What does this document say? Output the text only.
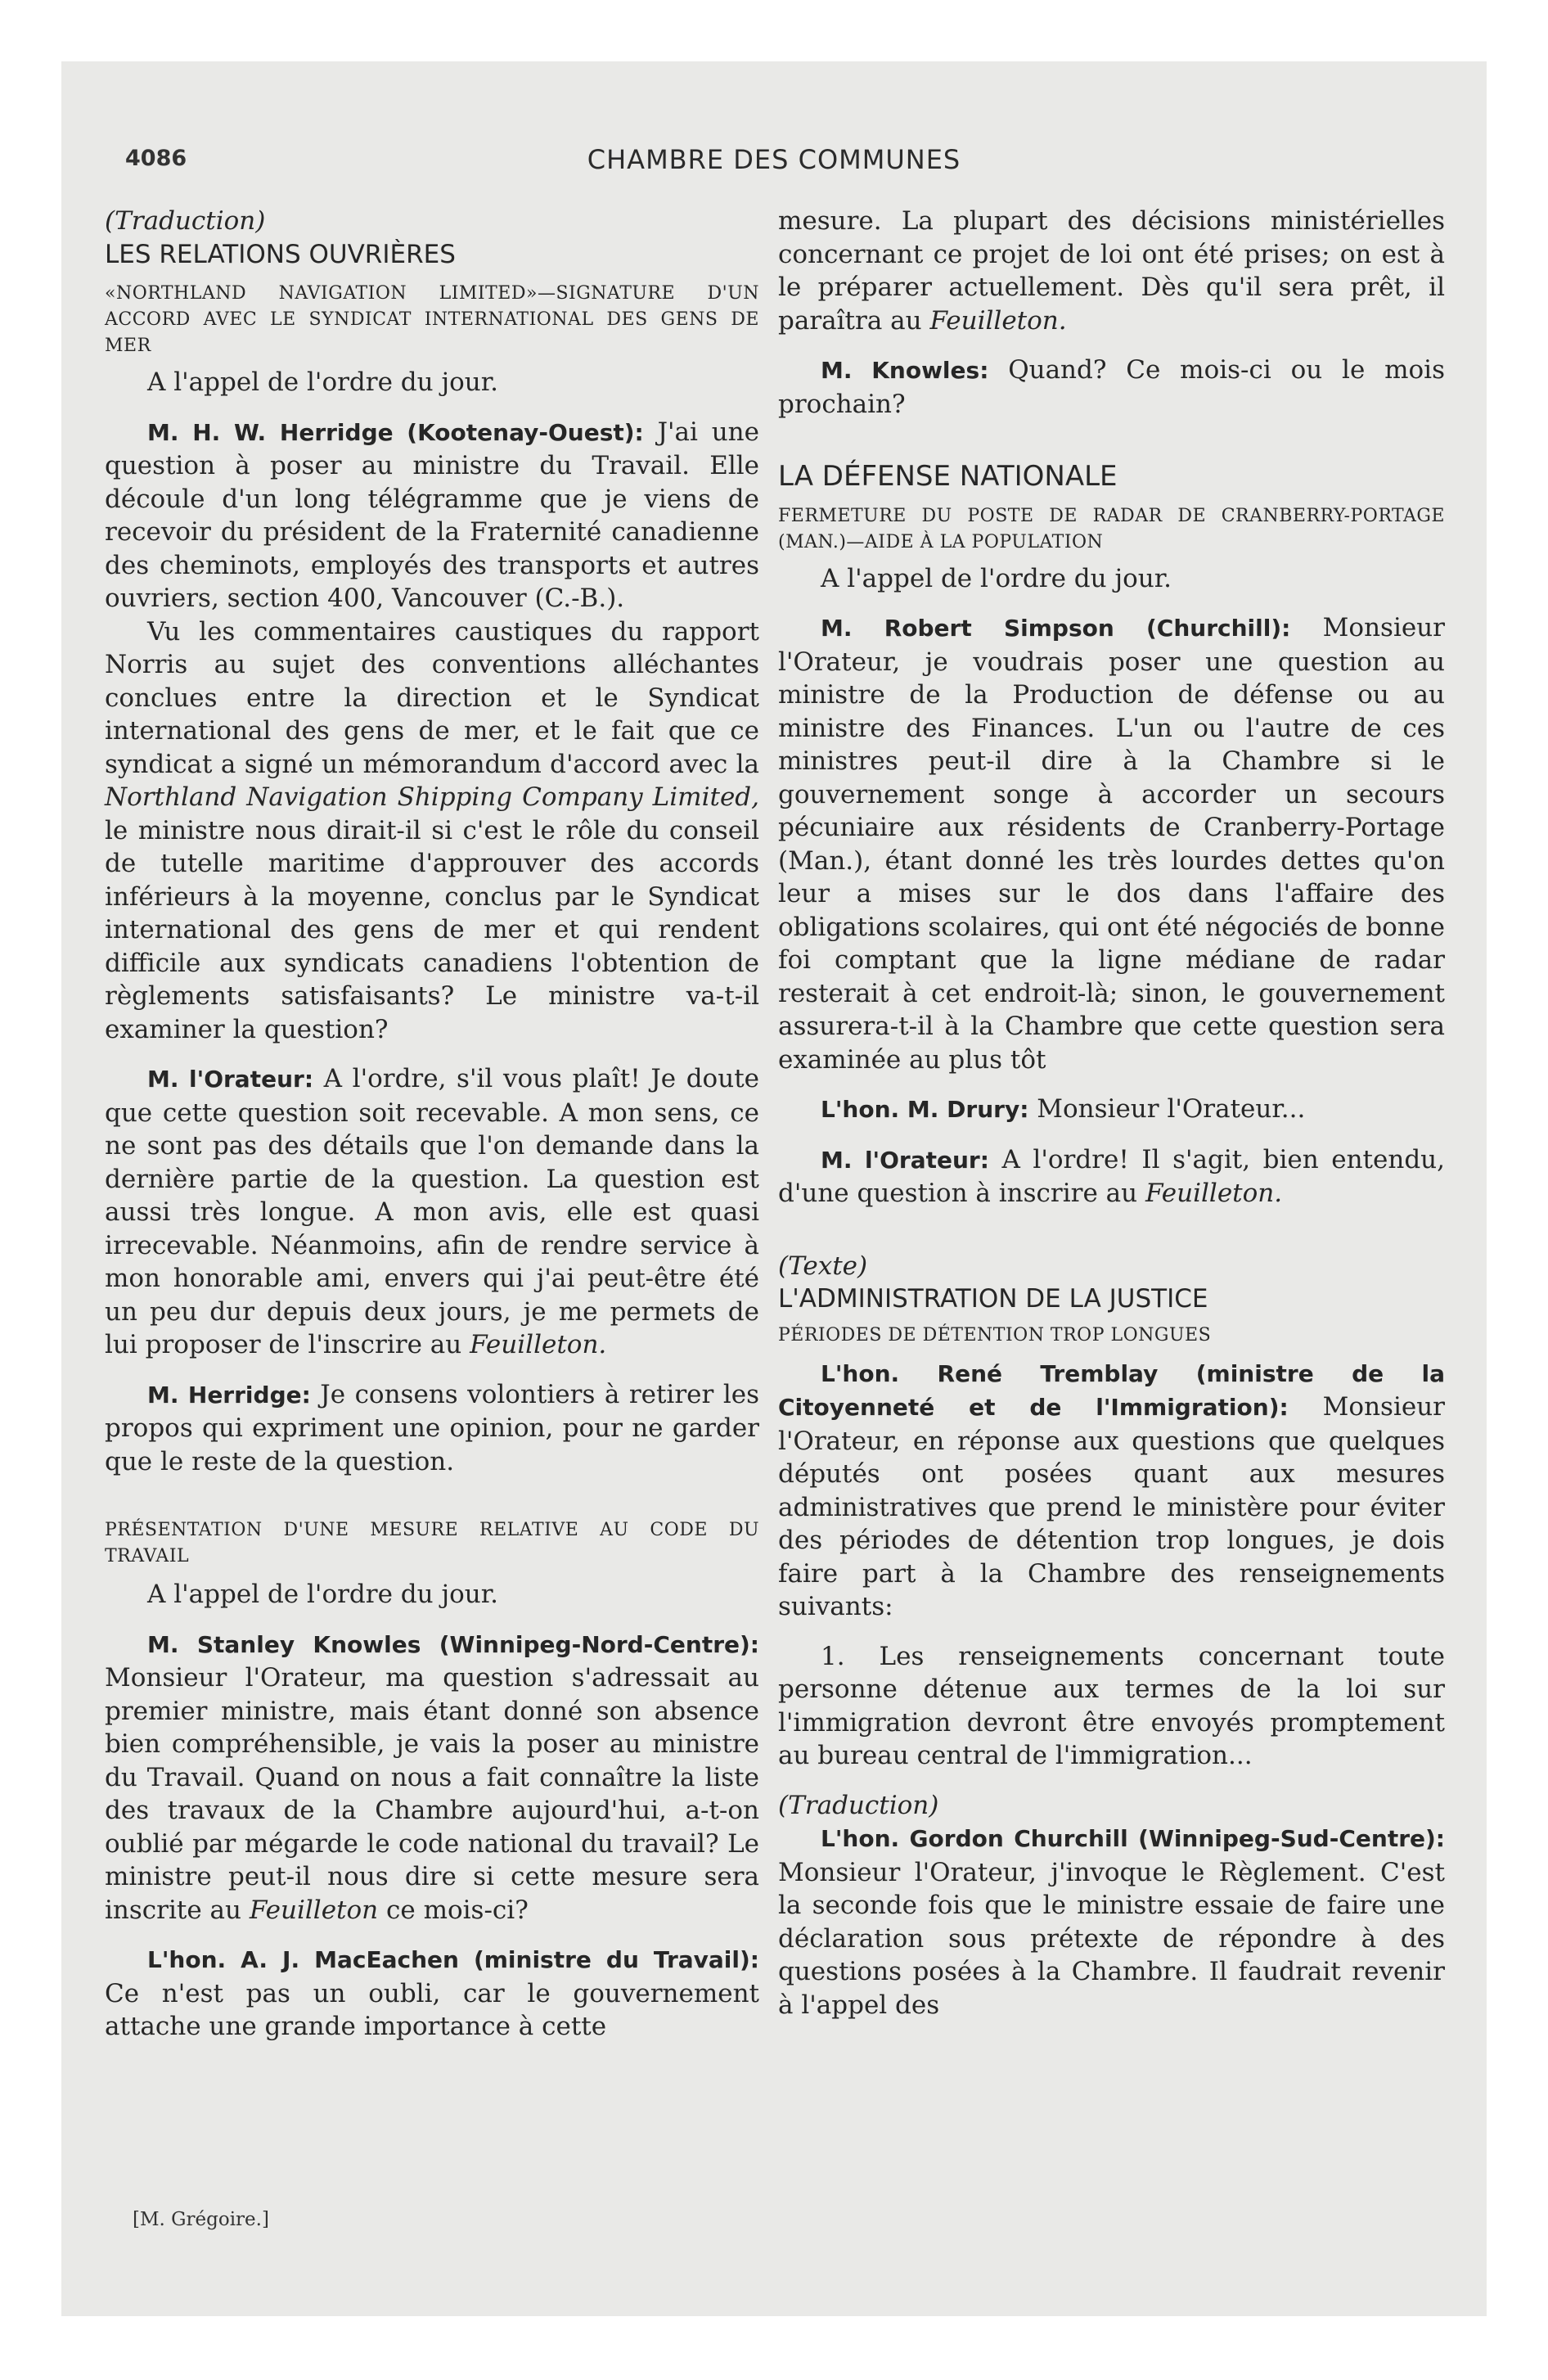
4086	CHAMBRE DES COMMUNES

(Traduction)

LES RELATIONS OUVRIÈRES

«NORTHLAND NAVIGATION LIMITED»—SIGNATURE D'UN ACCORD AVEC LE SYNDICAT INTERNATIONAL DES GENS DE MER

A l'appel de l'ordre du jour.

M. H. W. Herridge (Kootenay-Ouest): J'ai une question à poser au ministre du Travail. Elle découle d'un long télégramme que je viens de recevoir du président de la Fraternité canadienne des cheminots, employés des transports et autres ouvriers, section 400, Vancouver (C.-B.).

Vu les commentaires caustiques du rapport Norris au sujet des conventions alléchantes conclues entre la direction et le Syndicat international des gens de mer, et le fait que ce syndicat a signé un mémorandum d'accord avec la Northland Navigation Shipping Company Limited, le ministre nous dirait-il si c'est le rôle du conseil de tutelle maritime d'approuver des accords inférieurs à la moyenne, conclus par le Syndicat international des gens de mer et qui rendent difficile aux syndicats canadiens l'obtention de règlements satisfaisants? Le ministre va-t-il examiner la question?

M. l'Orateur: A l'ordre, s'il vous plaît! Je doute que cette question soit recevable. A mon sens, ce ne sont pas des détails que l'on demande dans la dernière partie de la question. La question est aussi très longue. A mon avis, elle est quasi irrecevable. Néanmoins, afin de rendre service à mon honorable ami, envers qui j'ai peut-être été un peu dur depuis deux jours, je me permets de lui proposer de l'inscrire au Feuilleton.

M. Herridge: Je consens volontiers à retirer les propos qui expriment une opinion, pour ne garder que le reste de la question.

PRÉSENTATION D'UNE MESURE RELATIVE AU CODE DU TRAVAIL

A l'appel de l'ordre du jour.

M. Stanley Knowles (Winnipeg-Nord-Centre): Monsieur l'Orateur, ma question s'adressait au premier ministre, mais étant donné son absence bien compréhensible, je vais la poser au ministre du Travail. Quand on nous a fait connaître la liste des travaux de la Chambre aujourd'hui, a-t-on oublié par mégarde le code national du travail? Le ministre peut-il nous dire si cette mesure sera inscrite au Feuilleton ce mois-ci?

L'hon. A. J. MacEachen (ministre du Travail): Ce n'est pas un oubli, car le gouvernement attache une grande importance à cette

mesure. La plupart des décisions ministérielles concernant ce projet de loi ont été prises; on est à le préparer actuellement. Dès qu'il sera prêt, il paraîtra au Feuilleton.

M. Knowles: Quand? Ce mois-ci ou le mois prochain?

LA DÉFENSE NATIONALE

FERMETURE DU POSTE DE RADAR DE CRANBERRY-PORTAGE (MAN.)—AIDE À LA POPULATION

A l'appel de l'ordre du jour.

M. Robert Simpson (Churchill): Monsieur l'Orateur, je voudrais poser une question au ministre de la Production de défense ou au ministre des Finances. L'un ou l'autre de ces ministres peut-il dire à la Chambre si le gouvernement songe à accorder un secours pécuniaire aux résidents de Cranberry-Portage (Man.), étant donné les très lourdes dettes qu'on leur a mises sur le dos dans l'affaire des obligations scolaires, qui ont été négociés de bonne foi comptant que la ligne médiane de radar resterait à cet endroit-là; sinon, le gouvernement assurera-t-il à la Chambre que cette question sera examinée au plus tôt

L'hon. M. Drury: Monsieur l'Orateur...

M. l'Orateur: A l'ordre! Il s'agit, bien entendu, d'une question à inscrire au Feuilleton.

(Texte)

L'ADMINISTRATION DE LA JUSTICE

PÉRIODES DE DÉTENTION TROP LONGUES

L'hon. René Tremblay (ministre de la Citoyenneté et de l'Immigration): Monsieur l'Orateur, en réponse aux questions que quelques députés ont posées quant aux mesures administratives que prend le ministère pour éviter des périodes de détention trop longues, je dois faire part à la Chambre des renseignements suivants:

1. Les renseignements concernant toute personne détenue aux termes de la loi sur l'immigration devront être envoyés promptement au bureau central de l'immigration...

(Traduction)

L'hon. Gordon Churchill (Winnipeg-Sud-Centre): Monsieur l'Orateur, j'invoque le Règlement. C'est la seconde fois que le ministre essaie de faire une déclaration sous prétexte de répondre à des questions posées à la Chambre. Il faudrait revenir à l'appel des

[M. Grégoire.]
